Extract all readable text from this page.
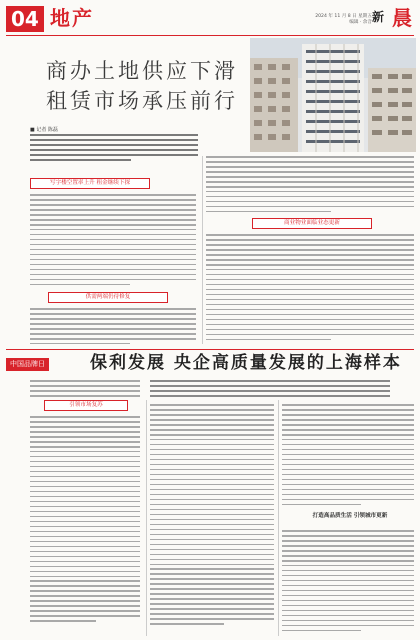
04 地产	2024 年 11 月 8 日 星期五
编辑 · 余音 新 晨
商办土地供应下滑
租赁市场承压前行
■ 记者 陈磊
写字楼空置率上升 租金继续下探
供需两端仍待修复
商业物业面临业态更新
中国品牌日	保利发展 央企高质量发展的上海样本
引领市场复苏
打造高品质生活 引领城市更新
